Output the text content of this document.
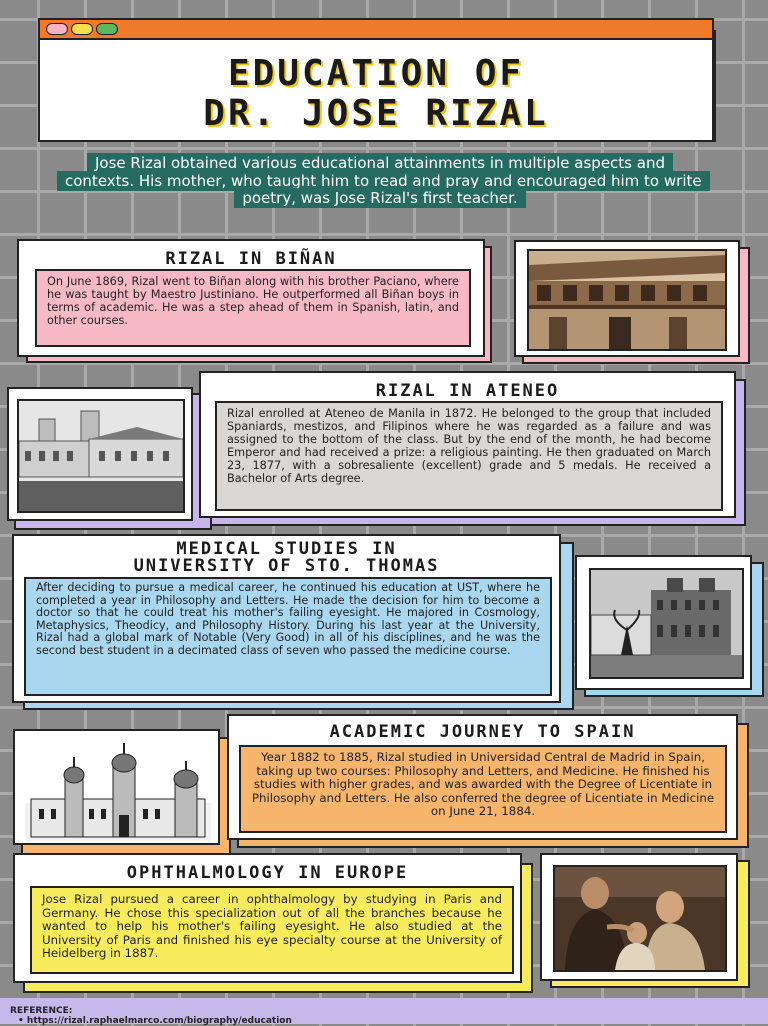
EDUCATION OF
DR. JOSE RIZAL
Jose Rizal obtained various educational attainments in multiple aspects and contexts. His mother, who taught him to read and pray and encouraged him to write poetry, was Jose Rizal's first teacher.
RIZAL IN BIÑAN
On June 1869, Rizal went to Biñan along with his brother Paciano, where he was taught by Maestro Justiniano. He outperformed all Biñan boys in terms of academic. He was a step ahead of them in Spanish, latin, and other courses.
RIZAL IN ATENEO
Rizal enrolled at Ateneo de Manila in 1872. He belonged to the group that included Spaniards, mestizos, and Filipinos where he was regarded as a failure and was assigned to the bottom of the class. But by the end of the month, he had become Emperor and had received a prize: a religious painting. He then graduated on March 23, 1877, with a sobresaliente (excellent) grade and 5 medals. He received a Bachelor of Arts degree.
MEDICAL STUDIES IN
UNIVERSITY OF STO. THOMAS
After deciding to pursue a medical career, he continued his education at UST, where he completed a year in Philosophy and Letters. He made the decision for him to become a doctor so that he could treat his mother's failing eyesight. He majored in Cosmology, Metaphysics, Theodicy, and Philosophy History. During his last year at the University, Rizal had a global mark of Notable (Very Good) in all of his disciplines, and he was the second best student in a decimated class of seven who passed the medicine course.
ACADEMIC JOURNEY TO SPAIN
Year 1882 to 1885, Rizal studied in Universidad Central de Madrid in Spain, taking up two courses: Philosophy and Letters, and Medicine. He finished his studies with higher grades, and was awarded with the Degree of Licentiate in Philosophy and Letters. He also conferred the degree of Licentiate in Medicine on June 21, 1884.
OPHTHALMOLOGY IN EUROPE
Jose Rizal pursued a career in ophthalmology by studying in Paris and Germany. He chose this specialization out of all the branches because he wanted to help his mother's failing eyesight. He also studied at the University of Paris and finished his eye specialty course at the University of Heidelberg in 1887.
REFERENCE:
• https://rizal.raphaelmarco.com/biography/education
